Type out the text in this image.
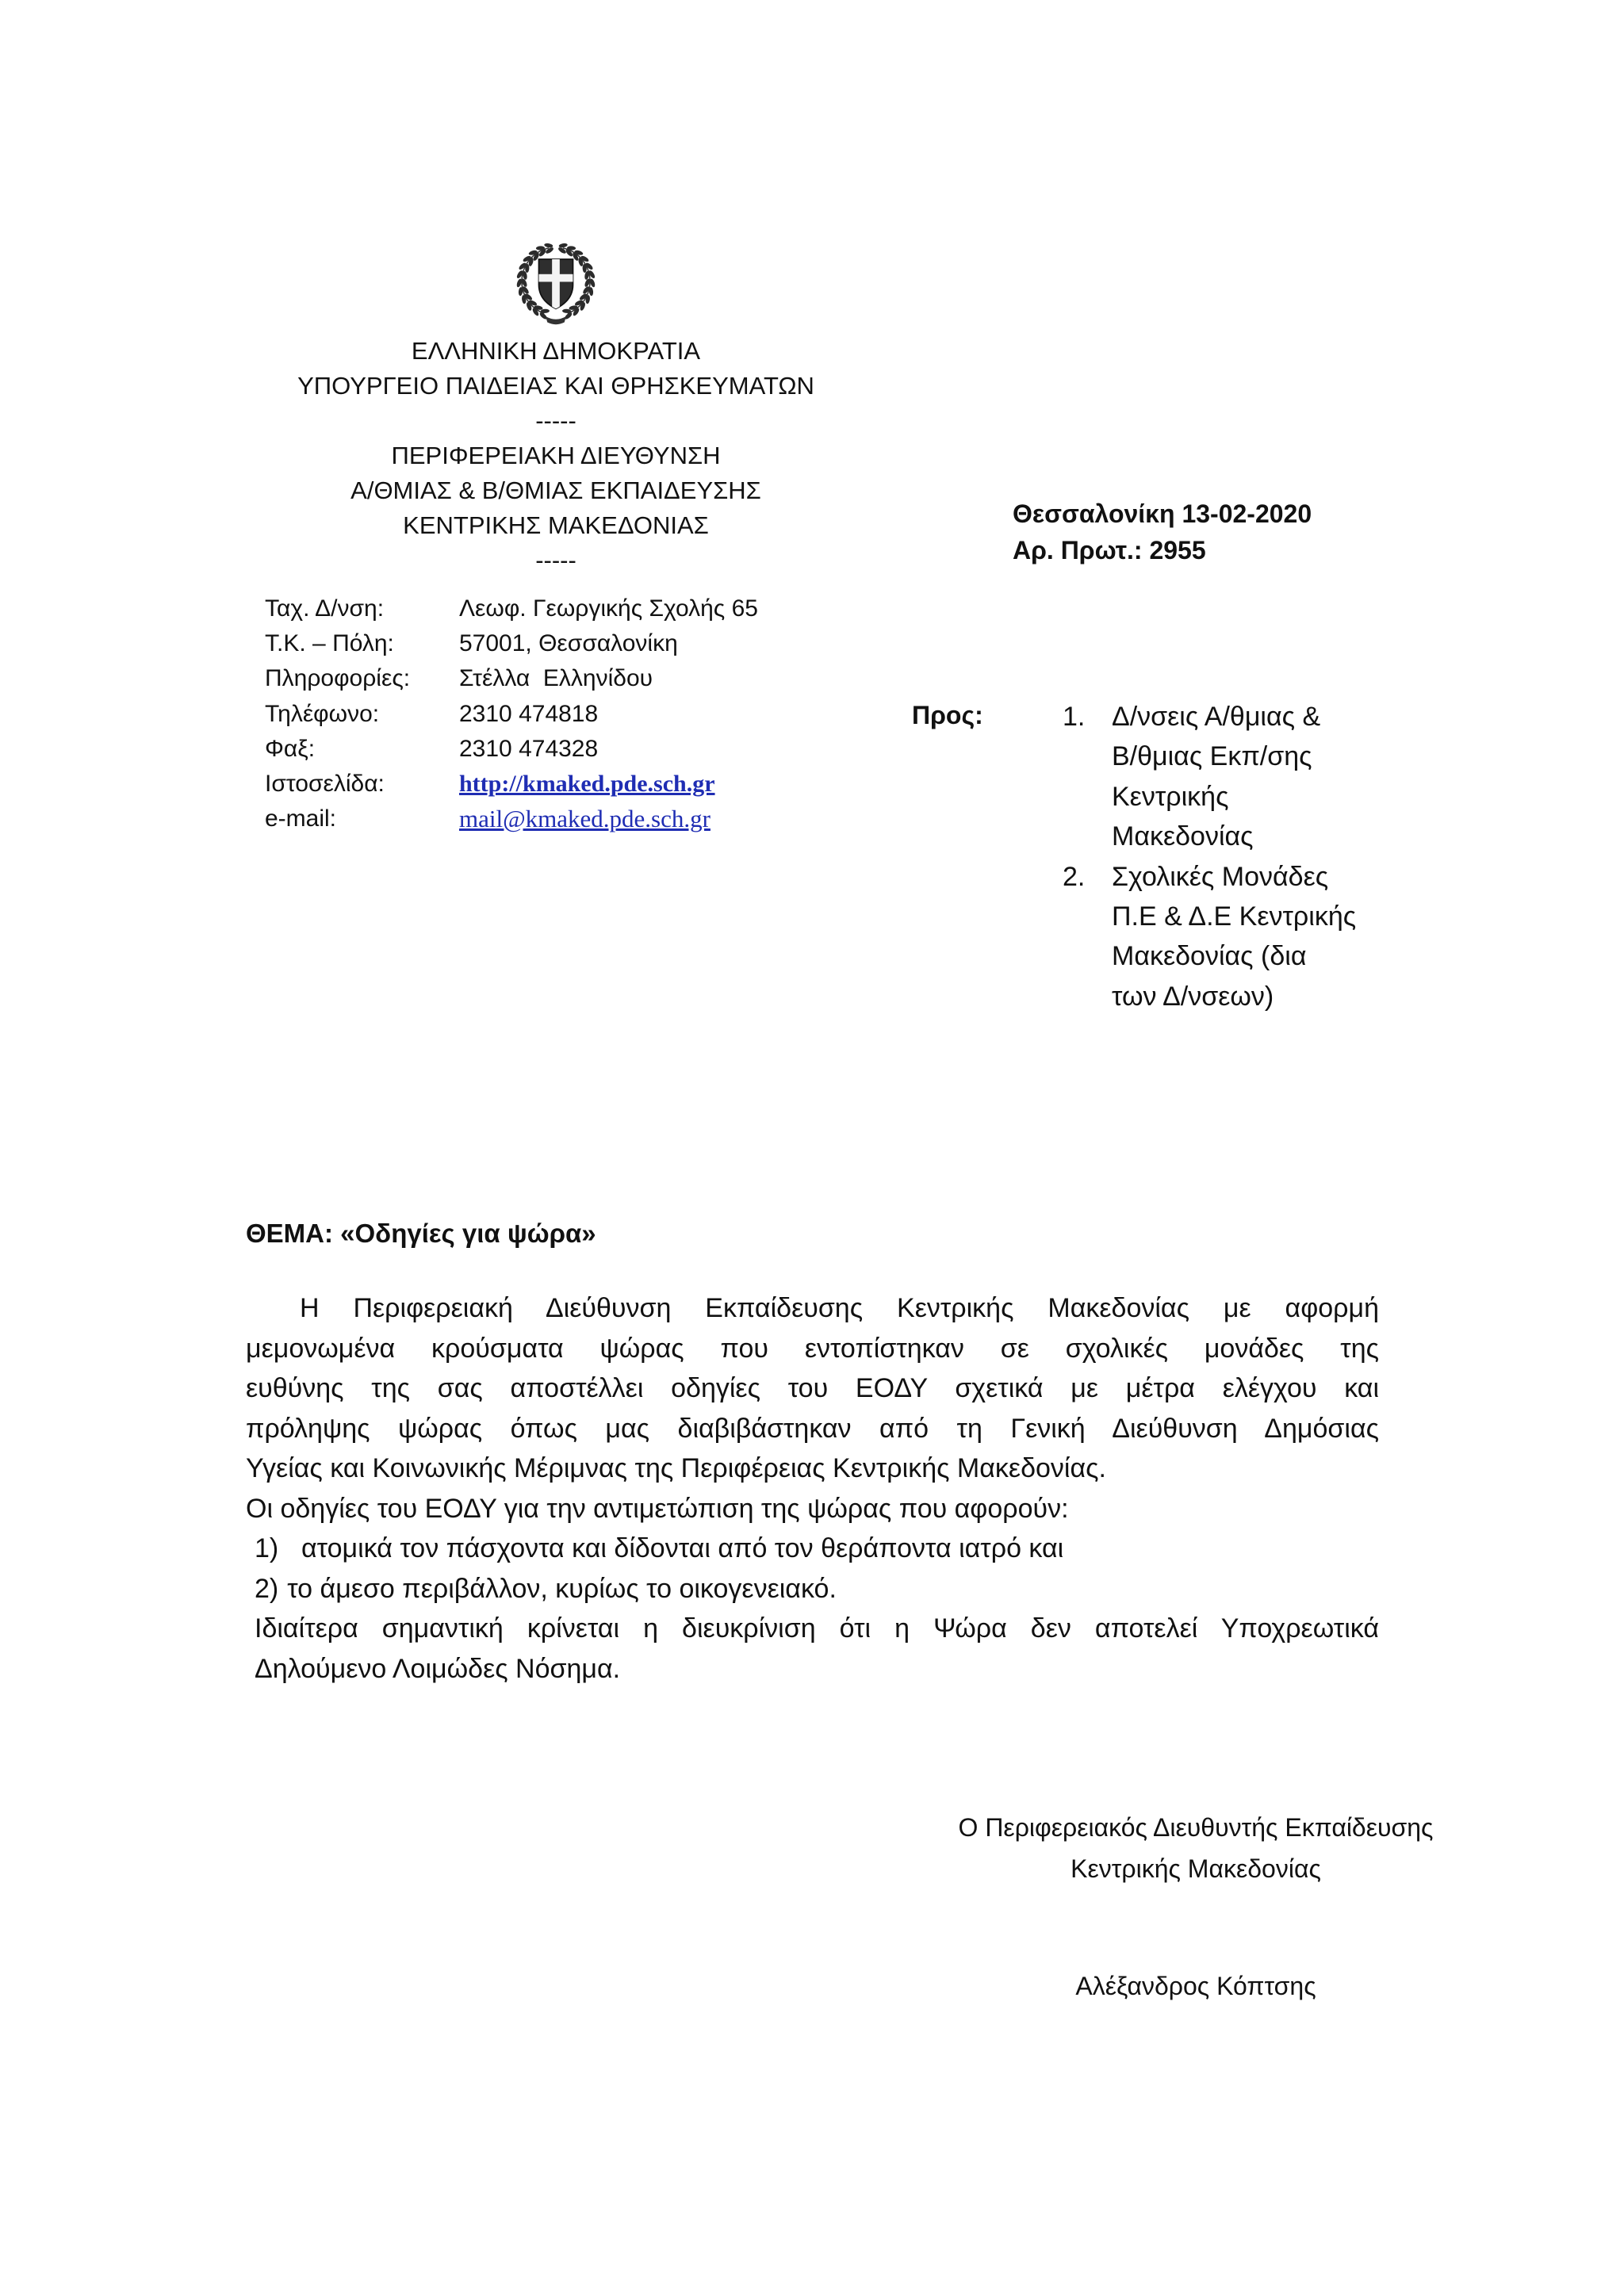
ΕΛΛΗΝΙΚΗ ΔΗΜΟΚΡΑΤΙΑ
ΥΠΟΥΡΓΕΙΟ ΠΑΙΔΕΙΑΣ ΚΑΙ ΘΡΗΣΚΕΥΜΑΤΩΝ
-----
ΠΕΡΙΦΕΡΕΙΑΚΗ ΔΙΕΥΘΥΝΣΗ
Α/ΘΜΙΑΣ & Β/ΘΜΙΑΣ ΕΚΠΑΙΔΕΥΣΗΣ
ΚΕΝΤΡΙΚΗΣ ΜΑΚΕΔΟΝΙΑΣ
-----
Θεσσαλονίκη 13-02-2020
Αρ. Πρωτ.: 2955
Ταχ. Δ/νση:	Λεωφ. Γεωργικής Σχολής 65
Τ.Κ. – Πόλη:	57001, Θεσσαλονίκη
Πληροφορίες:	Στέλλα  Ελληνίδου
Τηλέφωνο:	2310 474818
Φαξ:	2310 474328
Ιστοσελίδα:	http://kmaked.pde.sch.gr
e-mail:	mail@kmaked.pde.sch.gr
Προς:	1. Δ/νσεις Α/θμιας &
Β/θμιας Εκπ/σης
Κεντρικής
Μακεδονίας
2. Σχολικές Μονάδες
Π.Ε & Δ.Ε Κεντρικής
Μακεδονίας (δια
των Δ/νσεων)
ΘΕΜΑ: «Οδηγίες για ψώρα»
Η Περιφερειακή Διεύθυνση Εκπαίδευσης Κεντρικής Μακεδονίας με αφορμή
μεμονωμένα κρούσματα ψώρας που εντοπίστηκαν σε σχολικές μονάδες της
ευθύνης της σας αποστέλλει οδηγίες του ΕΟΔΥ σχετικά με μέτρα ελέγχου και
πρόληψης ψώρας όπως μας διαβιβάστηκαν από τη Γενική Διεύθυνση Δημόσιας
Υγείας και Κοινωνικής Μέριμνας της Περιφέρειας Κεντρικής Μακεδονίας.
Οι οδηγίες του ΕΟΔΥ για την αντιμετώπιση της ψώρας που αφορούν:
1) ατομικά τον πάσχοντα και δίδονται από τον θεράποντα ιατρό και
2) το άμεσο περιβάλλον, κυρίως το οικογενειακό.
Ιδιαίτερα σημαντική κρίνεται η διευκρίνιση ότι η Ψώρα δεν αποτελεί Υποχρεωτικά
Δηλούμενο Λοιμώδες Νόσημα.
Ο Περιφερειακός Διευθυντής Εκπαίδευσης
Κεντρικής Μακεδονίας
Αλέξανδρος Κόπτσης
